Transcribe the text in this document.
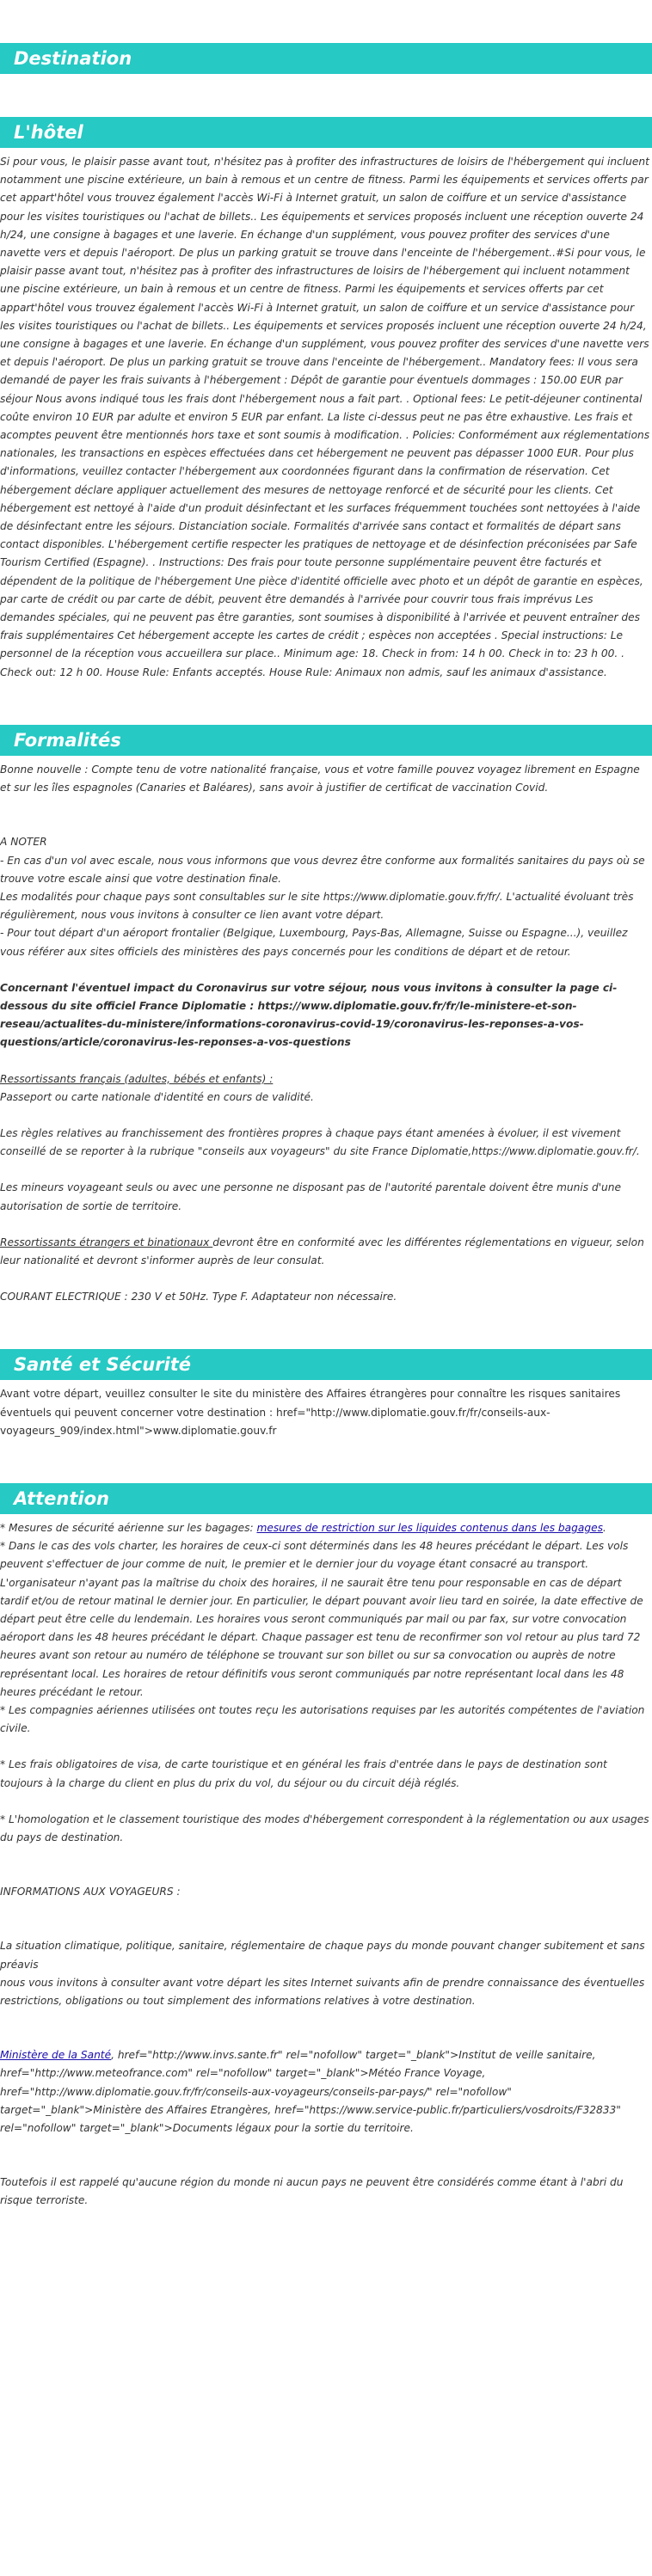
Destination
L'hôtel
Si pour vous, le plaisir passe avant tout, n'hésitez pas à profiter des infrastructures de loisirs de l'hébergement qui incluent notamment une piscine extérieure, un bain à remous et un centre de fitness. Parmi les équipements et services offerts par cet appart'hôtel vous trouvez également l'accès Wi-Fi à Internet gratuit, un salon de coiffure et un service d'assistance pour les visites touristiques ou l'achat de billets.. Les équipements et services proposés incluent une réception ouverte 24 h/24, une consigne à bagages et une laverie. En échange d'un supplément, vous pouvez profiter des services d'une navette vers et depuis l'aéroport. De plus un parking gratuit se trouve dans l'enceinte de l'hébergement..#Si pour vous, le plaisir passe avant tout, n'hésitez pas à profiter des infrastructures de loisirs de l'hébergement qui incluent notamment une piscine extérieure, un bain à remous et un centre de fitness. Parmi les équipements et services offerts par cet appart'hôtel vous trouvez également l'accès Wi-Fi à Internet gratuit, un salon de coiffure et un service d'assistance pour les visites touristiques ou l'achat de billets.. Les équipements et services proposés incluent une réception ouverte 24 h/24, une consigne à bagages et une laverie. En échange d'un supplément, vous pouvez profiter des services d'une navette vers et depuis l'aéroport. De plus un parking gratuit se trouve dans l'enceinte de l'hébergement.. Mandatory fees: Il vous sera demandé de payer les frais suivants à l'hébergement : Dépôt de garantie pour éventuels dommages : 150.00 EUR par séjour Nous avons indiqué tous les frais dont l'hébergement nous a fait part. . Optional fees: Le petit-déjeuner continental coûte environ 10 EUR par adulte et environ 5 EUR par enfant. La liste ci-dessus peut ne pas être exhaustive. Les frais et acomptes peuvent être mentionnés hors taxe et sont soumis à modification. . Policies: Conformément aux réglementations nationales, les transactions en espèces effectuées dans cet hébergement ne peuvent pas dépasser 1000 EUR. Pour plus d'informations, veuillez contacter l'hébergement aux coordonnées figurant dans la confirmation de réservation. Cet hébergement déclare appliquer actuellement des mesures de nettoyage renforcé et de sécurité pour les clients. Cet hébergement est nettoyé à l'aide d'un produit désinfectant et les surfaces fréquemment touchées sont nettoyées à l'aide de désinfectant entre les séjours. Distanciation sociale. Formalités d'arrivée sans contact et formalités de départ sans contact disponibles. L'hébergement certifie respecter les pratiques de nettoyage et de désinfection préconisées par Safe Tourism Certified (Espagne). . Instructions: Des frais pour toute personne supplémentaire peuvent être facturés et dépendent de la politique de l'hébergement Une pièce d'identité officielle avec photo et un dépôt de garantie en espèces, par carte de crédit ou par carte de débit, peuvent être demandés à l'arrivée pour couvrir tous frais imprévus Les demandes spéciales, qui ne peuvent pas être garanties, sont soumises à disponibilité à l'arrivée et peuvent entraîner des frais supplémentaires Cet hébergement accepte les cartes de crédit ; espèces non acceptées . Special instructions: Le personnel de la réception vous accueillera sur place.. Minimum age: 18. Check in from: 14 h 00. Check in to: 23 h 00. . Check out: 12 h 00. House Rule: Enfants acceptés. House Rule: Animaux non admis, sauf les animaux d'assistance.
Formalités

Bonne nouvelle : Compte tenu de votre nationalité française, vous et votre famille pouvez voyagez librement en Espagne et sur les îles espagnoles (Canaries et Baléares), sans avoir à justifier de certificat de vaccination Covid.

A NOTER

- En cas d'un vol avec escale, nous vous informons que vous devrez être conforme aux formalités sanitaires du pays où se trouve votre escale ainsi que votre destination finale.

Les modalités pour chaque pays sont consultables sur le site https://www.diplomatie.gouv.fr/fr/. L'actualité évoluant très régulièrement, nous vous invitons à consulter ce lien avant votre départ.

- Pour tout départ d'un aéroport frontalier (Belgique, Luxembourg, Pays-Bas, Allemagne, Suisse ou Espagne...), veuillez vous référer aux sites officiels des ministères des pays concernés pour les conditions de départ et de retour.

Concernant l'éventuel impact du Coronavirus sur votre séjour, nous vous invitons à consulter la page ci-dessous du site officiel France Diplomatie : https://www.diplomatie.gouv.fr/fr/le-ministere-et-son-reseau/actualites-du-ministere/informations-coronavirus-covid-19/coronavirus-les-reponses-a-vos-questions/article/coronavirus-les-reponses-a-vos-questions

Ressortissants français (adultes, bébés et enfants) :

Passeport ou carte nationale d'identité en cours de validité.

Les règles relatives au franchissement des frontières propres à chaque pays étant amenées à évoluer, il est vivement conseillé de se reporter à la rubrique "conseils aux voyageurs" du site France Diplomatie,https://www.diplomatie.gouv.fr/.

Les mineurs voyageant seuls ou avec une personne ne disposant pas de l'autorité parentale doivent être munis d'une autorisation de sortie de territoire.

Ressortissants étrangers et binationaux devront être en conformité avec les différentes réglementations en vigueur, selon leur nationalité et devront s'informer auprès de leur consulat.

COURANT ELECTRIQUE : 230 V et 50Hz. Type F. Adaptateur non nécessaire.

Santé et Sécurité

Avant votre départ, veuillez consulter le site du ministère des Affaires étrangères pour connaître les risques sanitaires éventuels qui peuvent concerner votre destination : href="http://www.diplomatie.gouv.fr/fr/conseils-aux-voyageurs_909/index.html">www.diplomatie.gouv.fr

Attention

* Mesures de sécurité aérienne sur les bagages: mesures de restriction sur les liquides contenus dans les bagages.

* Dans le cas des vols charter, les horaires de ceux-ci sont déterminés dans les 48 heures précédant le départ. Les vols peuvent s'effectuer de jour comme de nuit, le premier et le dernier jour du voyage étant consacré au transport. L'organisateur n'ayant pas la maîtrise du choix des horaires, il ne saurait être tenu pour responsable en cas de départ tardif et/ou de retour matinal le dernier jour. En particulier, le départ pouvant avoir lieu tard en soirée, la date effective de départ peut être celle du lendemain. Les horaires vous seront communiqués par mail ou par fax, sur votre convocation aéroport dans les 48 heures précédant le départ. Chaque passager est tenu de reconfirmer son vol retour au plus tard 72 heures avant son retour au numéro de téléphone se trouvant sur son billet ou sur sa convocation ou auprès de notre représentant local. Les horaires de retour définitifs vous seront communiqués par notre représentant local dans les 48 heures précédant le retour.

* Les compagnies aériennes utilisées ont toutes reçu les autorisations requises par les autorités compétentes de l'aviation civile.

* Les frais obligatoires de visa, de carte touristique et en général les frais d'entrée dans le pays de destination sont toujours à la charge du client en plus du prix du vol, du séjour ou du circuit déjà réglés.

* L'homologation et le classement touristique des modes d'hébergement correspondent à la réglementation ou aux usages du pays de destination.

INFORMATIONS AUX VOYAGEURS :

La situation climatique, politique, sanitaire, réglementaire de chaque pays du monde pouvant changer subitement et sans préavis

nous vous invitons à consulter avant votre départ les sites Internet suivants afin de prendre connaissance des éventuelles restrictions, obligations ou tout simplement des informations relatives à votre destination.

Ministère de la Santé, href="http://www.invs.sante.fr" rel="nofollow" target="_blank">Institut de veille sanitaire, href="http://www.meteofrance.com" rel="nofollow" target="_blank">Météo France Voyage, href="http://www.diplomatie.gouv.fr/fr/conseils-aux-voyageurs/conseils-par-pays/" rel="nofollow" target="_blank">Ministère des Affaires Etrangères, href="https://www.service-public.fr/particuliers/vosdroits/F32833" rel="nofollow" target="_blank">Documents légaux pour la sortie du territoire.

Toutefois il est rappelé qu'aucune région du monde ni aucun pays ne peuvent être considérés comme étant à l'abri du risque terroriste.
